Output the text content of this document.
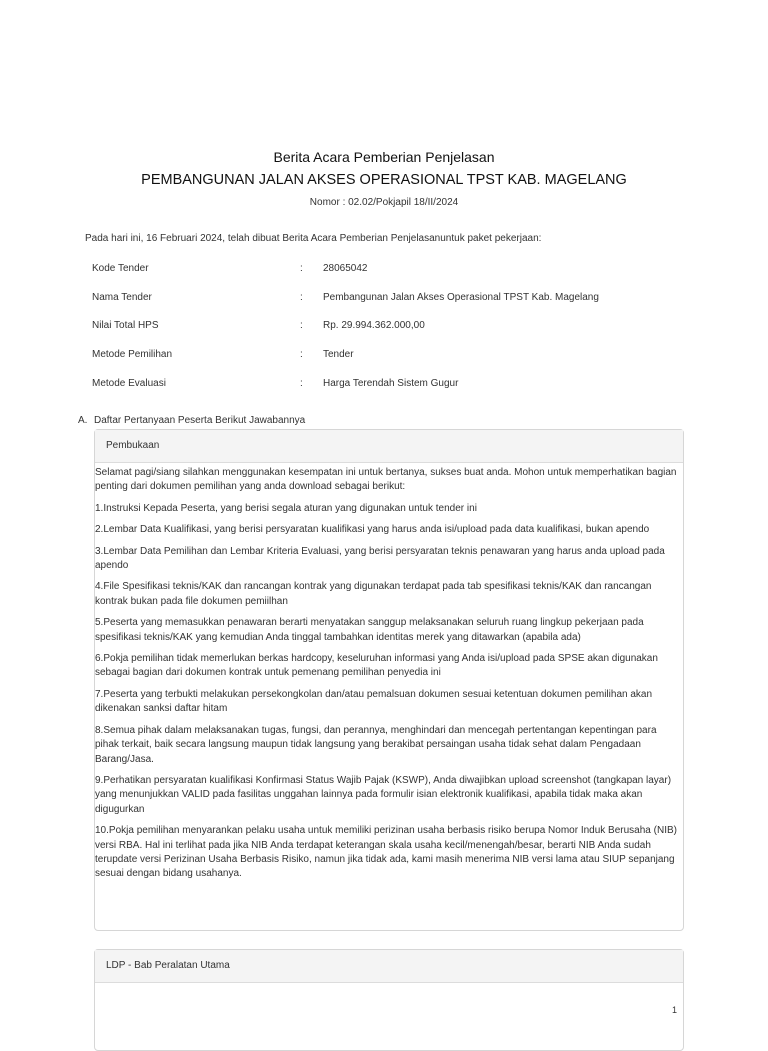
Berita Acara Pemberian Penjelasan
PEMBANGUNAN JALAN AKSES OPERASIONAL TPST KAB. MAGELANG
Nomor : 02.02/Pokjapil 18/II/2024
Pada hari ini, 16 Februari 2024, telah dibuat Berita Acara Pemberian Penjelasanuntuk paket pekerjaan:
Kode Tender	: 28065042
Nama Tender	: Pembangunan Jalan Akses Operasional TPST Kab. Magelang
Nilai Total HPS	: Rp. 29.994.362.000,00
Metode Pemilihan	: Tender
Metode Evaluasi	: Harga Terendah Sistem Gugur
A. Daftar Pertanyaan Peserta Berikut Jawabannya
Pembukaan

Selamat pagi/siang silahkan menggunakan kesempatan ini untuk bertanya, sukses buat anda. Mohon untuk memperhatikan bagian penting dari dokumen pemilihan yang anda download sebagai berikut:

1.Instruksi Kepada Peserta, yang berisi segala aturan yang digunakan untuk tender ini

2.Lembar Data Kualifikasi, yang berisi persyaratan kualifikasi yang harus anda isi/upload pada data kualifikasi, bukan apendo

3.Lembar Data Pemilihan dan Lembar Kriteria Evaluasi, yang berisi persyaratan teknis penawaran yang harus anda upload pada apendo

4.File Spesifikasi teknis/KAK dan rancangan kontrak yang digunakan terdapat pada tab spesifikasi teknis/KAK dan rancangan kontrak bukan pada file dokumen pemiilhan

5.Peserta yang memasukkan penawaran berarti menyatakan sanggup melaksanakan seluruh ruang lingkup pekerjaan pada spesifikasi teknis/KAK yang kemudian Anda tinggal tambahkan identitas merek yang ditawarkan (apabila ada)

6.Pokja pemilihan tidak memerlukan berkas hardcopy, keseluruhan informasi yang Anda isi/upload pada SPSE akan digunakan sebagai bagian dari dokumen kontrak untuk pemenang pemilihan penyedia ini

7.Peserta yang terbukti melakukan persekongkolan dan/atau pemalsuan dokumen sesuai ketentuan dokumen pemilihan akan dikenakan sanksi daftar hitam

8.Semua pihak dalam melaksanakan tugas, fungsi, dan perannya, menghindari dan mencegah pertentangan kepentingan para pihak terkait, baik secara langsung maupun tidak langsung yang berakibat persaingan usaha tidak sehat dalam Pengadaan Barang/Jasa.

9.Perhatikan persyaratan kualifikasi Konfirmasi Status Wajib Pajak (KSWP), Anda diwajibkan upload screenshot (tangkapan layar) yang menunjukkan VALID pada fasilitas unggahan lainnya pada formulir isian elektronik kualifikasi, apabila tidak maka akan digugurkan

10.Pokja pemilihan menyarankan pelaku usaha untuk memiliki perizinan usaha berbasis risiko berupa Nomor Induk Berusaha (NIB) versi RBA. Hal ini terlihat pada jika NIB Anda terdapat keterangan skala usaha kecil/menengah/besar, berarti NIB Anda sudah terupdate versi Perizinan Usaha Berbasis Risiko, namun jika tidak ada, kami masih menerima NIB versi lama atau SIUP sepanjang sesuai dengan bidang usahanya.

LDP - Bab Peralatan Utama
1
